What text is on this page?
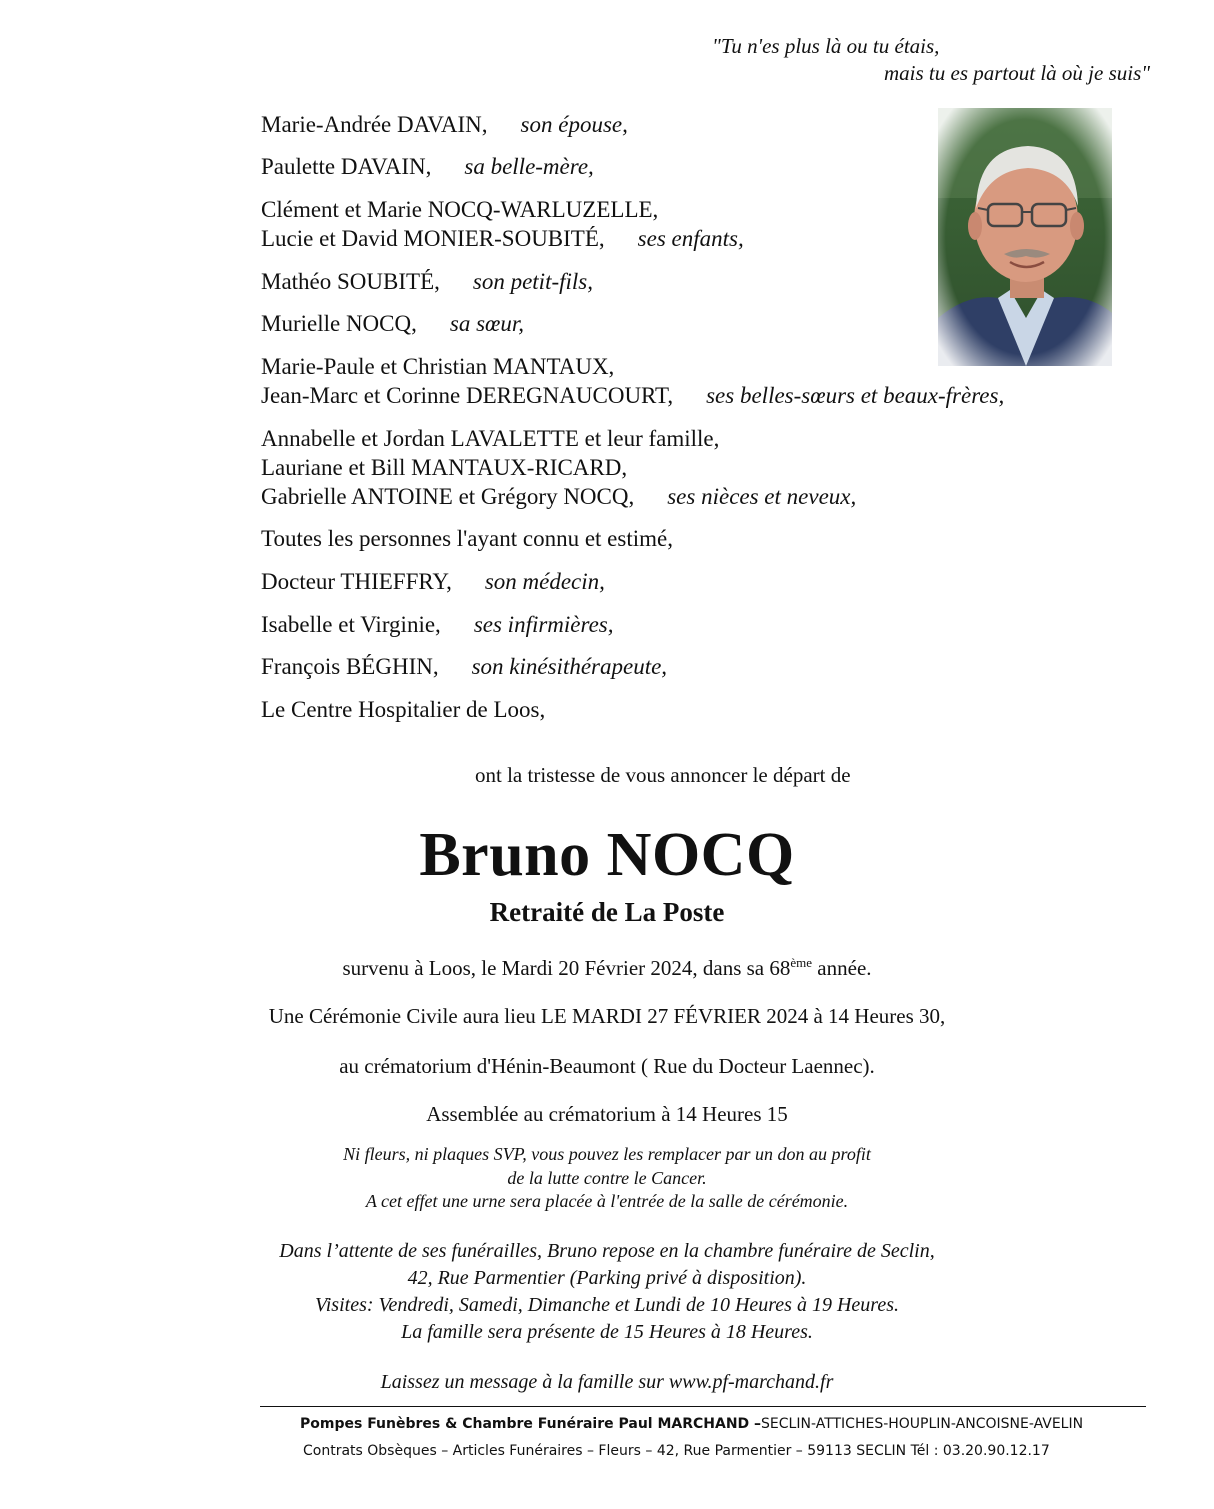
"Tu n'es plus là ou tu étais,
mais tu es partout là où je suis"
Marie-Andrée DAVAIN, son épouse,
Paulette DAVAIN, sa belle-mère,
Clément et Marie NOCQ-WARLUZELLE,
Lucie et David MONIER-SOUBITÉ, ses enfants,
Mathéo SOUBITÉ, son petit-fils,
Murielle NOCQ, sa sœur,
Marie-Paule et Christian MANTAUX,
Jean-Marc et Corinne DEREGNAUCOURT, ses belles-sœurs et beaux-frères,
Annabelle et Jordan LAVALETTE et leur famille,
Lauriane et Bill MANTAUX-RICARD,
Gabrielle ANTOINE et Grégory NOCQ, ses nièces et neveux,
Toutes les personnes l'ayant connu et estimé,
Docteur THIEFFRY, son médecin,
Isabelle et Virginie, ses infirmières,
François BÉGHIN, son kinésithérapeute,
Le Centre Hospitalier de Loos,
ont la tristesse de vous annoncer le départ de
Bruno NOCQ
Retraité de La Poste
survenu à Loos, le Mardi 20 Février 2024, dans sa 68ème année.
Une Cérémonie Civile aura lieu LE MARDI 27 FÉVRIER 2024 à 14 Heures 30,
au crématorium d'Hénin-Beaumont ( Rue du Docteur Laennec).
Assemblée au crématorium à 14 Heures 15
Ni fleurs, ni plaques SVP, vous pouvez les remplacer par un don au profit
de la lutte contre le Cancer.
A cet effet une urne sera placée à l'entrée de la salle de cérémonie.
Dans l’attente de ses funérailles, Bruno repose en la chambre funéraire de Seclin,
42, Rue Parmentier (Parking privé à disposition).
Visites: Vendredi, Samedi, Dimanche et Lundi de 10 Heures à 19 Heures.
La famille sera présente de 15 Heures à 18 Heures.
Laissez un message à la famille sur www.pf-marchand.fr
Pompes Funèbres & Chambre Funéraire Paul MARCHAND –SECLIN-ATTICHES-HOUPLIN-ANCOISNE-AVELIN
Contrats Obsèques – Articles Funéraires – Fleurs – 42, Rue Parmentier – 59113 SECLIN Tél : 03.20.90.12.17
